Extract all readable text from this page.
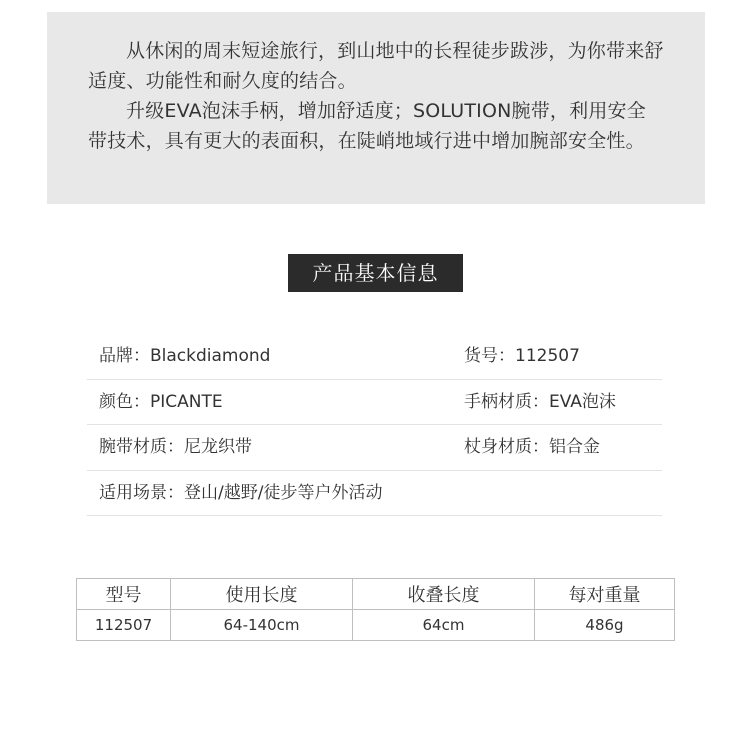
从休闲的周末短途旅行，到山地中的长程徒步跋涉，为你带来舒适度、功能性和耐久度的结合。

升级EVA泡沫手柄，增加舒适度；SOLUTION腕带，利用安全带技术，具有更大的表面积，在陡峭地域行进中增加腕部安全性。

产品基本信息
品牌：Blackdiamond	货号：112507
颜色：PICANTE	手柄材质：EVA泡沫
腕带材质：尼龙织带	杖身材质：铝合金
适用场景：登山/越野/徒步等户外活动
型号	使用长度	收叠长度	每对重量
112507	64-140cm	64cm	486g
